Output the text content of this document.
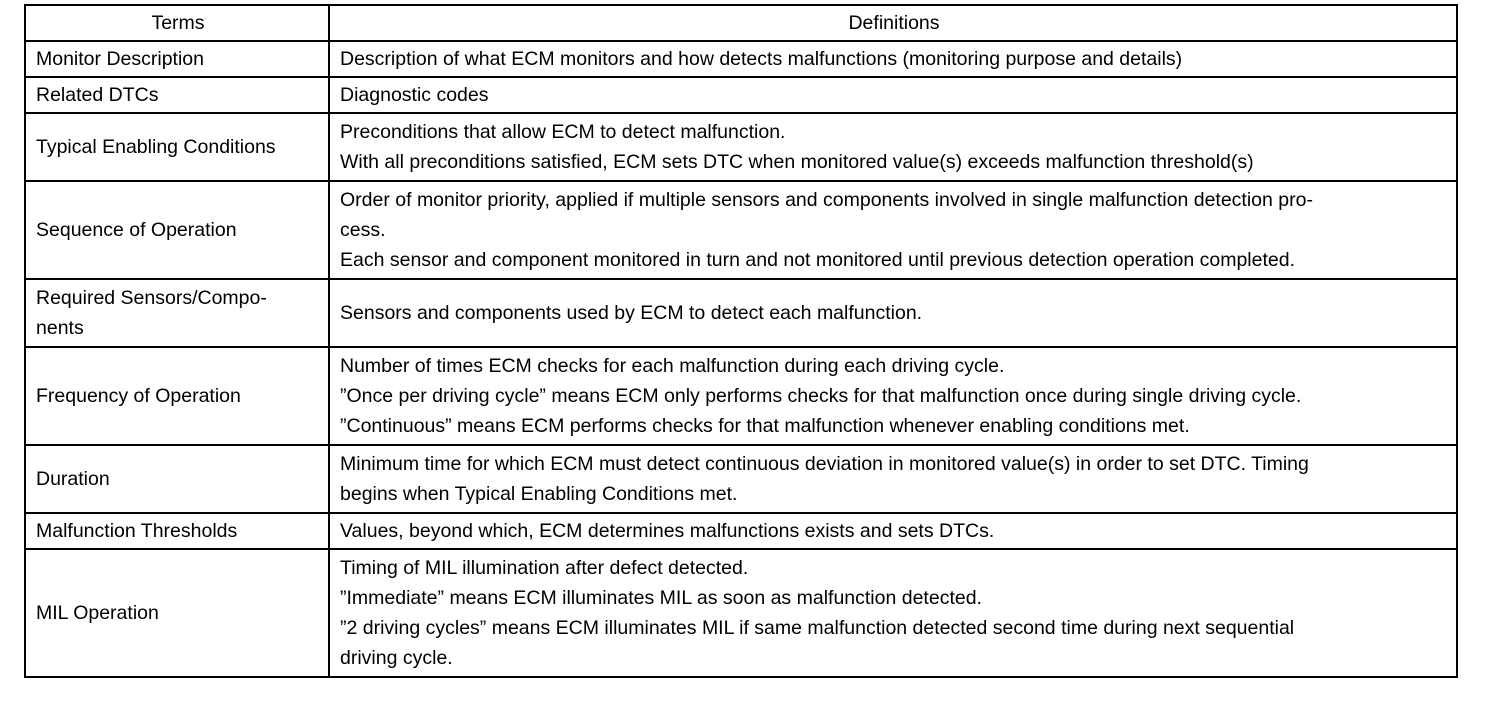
Terms	Definitions
Monitor Description	Description of what ECM monitors and how detects malfunctions (monitoring purpose and details)

Related DTCs	Diagnostic codes

Typical Enabling Conditions	Preconditions that allow ECM to detect malfunction.
With all preconditions satisfied, ECM sets DTC when monitored value(s) exceeds malfunction threshold(s)

Sequence of Operation	Order of monitor priority, applied if multiple sensors and components involved in single malfunction detection pro-
cess.
Each sensor and component monitored in turn and not monitored until previous detection operation completed.

Required Sensors/Compo-
nents	Sensors and components used by ECM to detect each malfunction.

Frequency of Operation	Number of times ECM checks for each malfunction during each driving cycle.
”Once per driving cycle” means ECM only performs checks for that malfunction once during single driving cycle.
”Continuous” means ECM performs checks for that malfunction whenever enabling conditions met.

Duration	Minimum time for which ECM must detect continuous deviation in monitored value(s) in order to set DTC. Timing
begins when Typical Enabling Conditions met.

Malfunction Thresholds	Values, beyond which, ECM determines malfunctions exists and sets DTCs.

MIL Operation	Timing of MIL illumination after defect detected.
”Immediate” means ECM illuminates MIL as soon as malfunction detected.
”2 driving cycles” means ECM illuminates MIL if same malfunction detected second time during next sequential
driving cycle.
